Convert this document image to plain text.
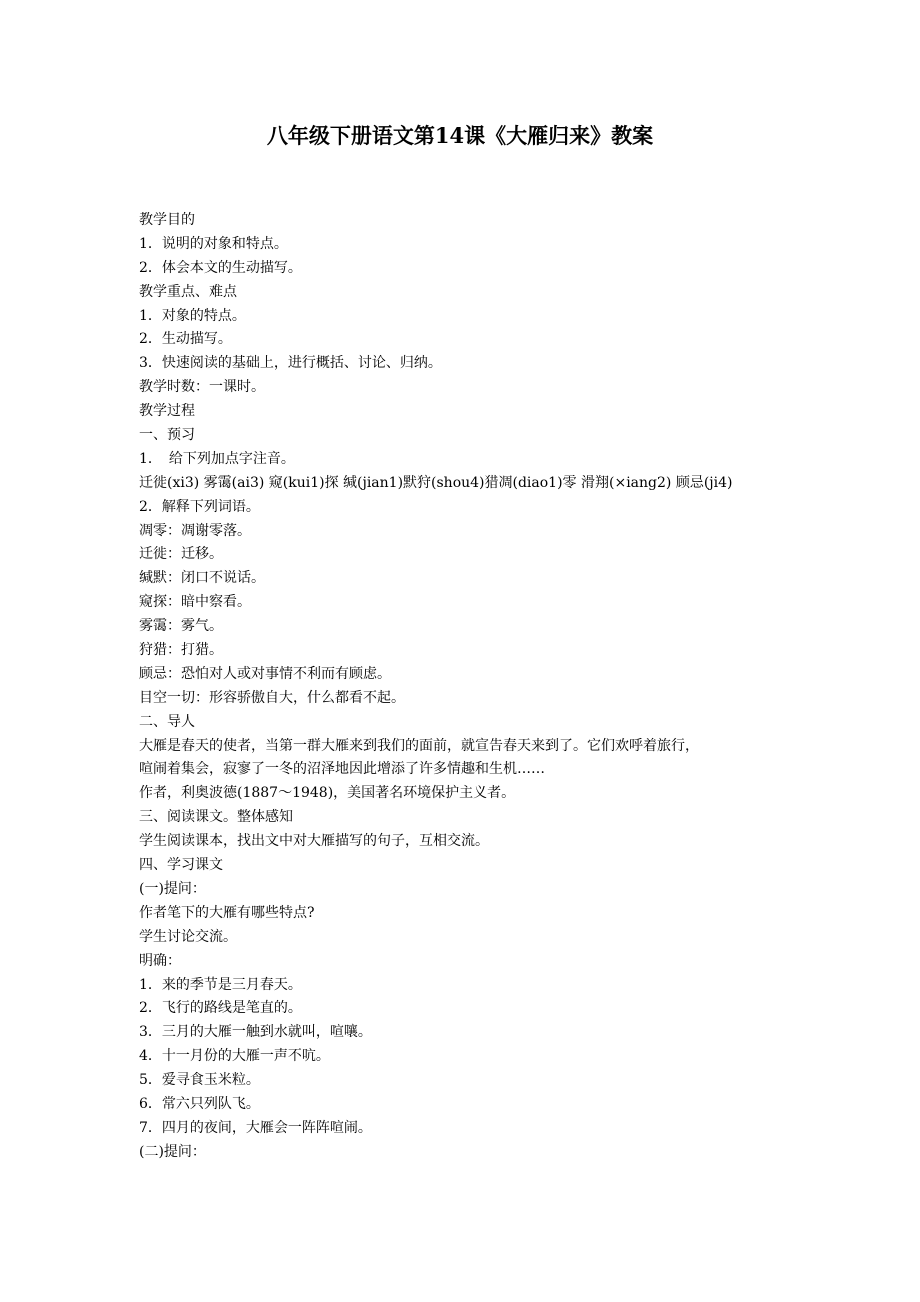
八年级下册语文第14课《大雁归来》教案

教学目的

1．说明的对象和特点。

2．体会本文的生动描写。

教学重点、难点

1．对象的特点。

2．生动描写。

3．快速阅读的基础上，进行概括、讨论、归纳。

教学时数：一课时。

教学过程

一、预习

1．　给下列加点字注音。

迁徙(xi3) 雾霭(ai3) 窥(kui1)探 缄(jian1)默狩(shou4)猎凋(diao1)零 滑翔(×iang2) 顾忌(ji4)

2．解释下列词语。

凋零：凋谢零落。

迁徙：迁移。

缄默：闭口不说话。

窥探：暗中察看。

雾霭：雾气。

狩猎：打猎。

顾忌：恐怕对人或对事情不利而有顾虑。

目空一切：形容骄傲自大，什么都看不起。

二、导人

大雁是春天的使者，当第一群大雁来到我们的面前，就宣告春天来到了。它们欢呼着旅行，

喧闹着集会，寂寥了一冬的沼泽地因此增添了许多情趣和生机……

作者，利奥波德(1887～1948)，美国著名环境保护主义者。

三、阅读课文。整体感知

学生阅读课本，找出文中对大雁描写的句子，互相交流。

四、学习课文

(一)提问：

作者笔下的大雁有哪些特点?

学生讨论交流。

明确：

1．来的季节是三月春天。

2．飞行的路线是笔直的。

3．三月的大雁一触到水就叫，喧嚷。

4．十一月份的大雁一声不吭。

5．爱寻食玉米粒。

6．常六只列队飞。

7．四月的夜间，大雁会一阵阵喧闹。

(二)提问：
